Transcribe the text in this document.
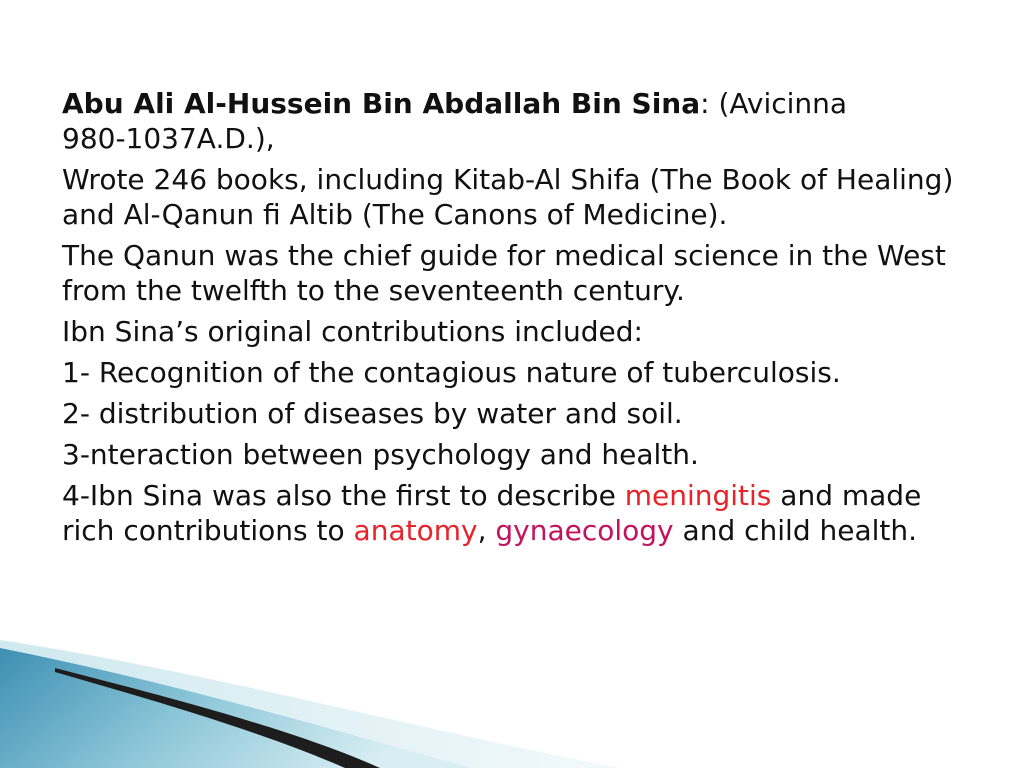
Abu Ali Al-Hussein Bin Abdallah Bin Sina: (Avicinna
980-1037A.D.),

Wrote 246 books, including Kitab-Al Shifa (The Book of Healing) and Al-Qanun fi Altib (The Canons of Medicine).

The Qanun was the chief guide for medical science in the West from the twelfth to the seventeenth century.

Ibn Sina’s original contributions included:

1- Recognition of the contagious nature of tuberculosis.

2- distribution of diseases by water and soil.

3-nteraction between psychology and health.

4-Ibn Sina was also the first to describe meningitis and made rich contributions to anatomy, gynaecology and child health.
